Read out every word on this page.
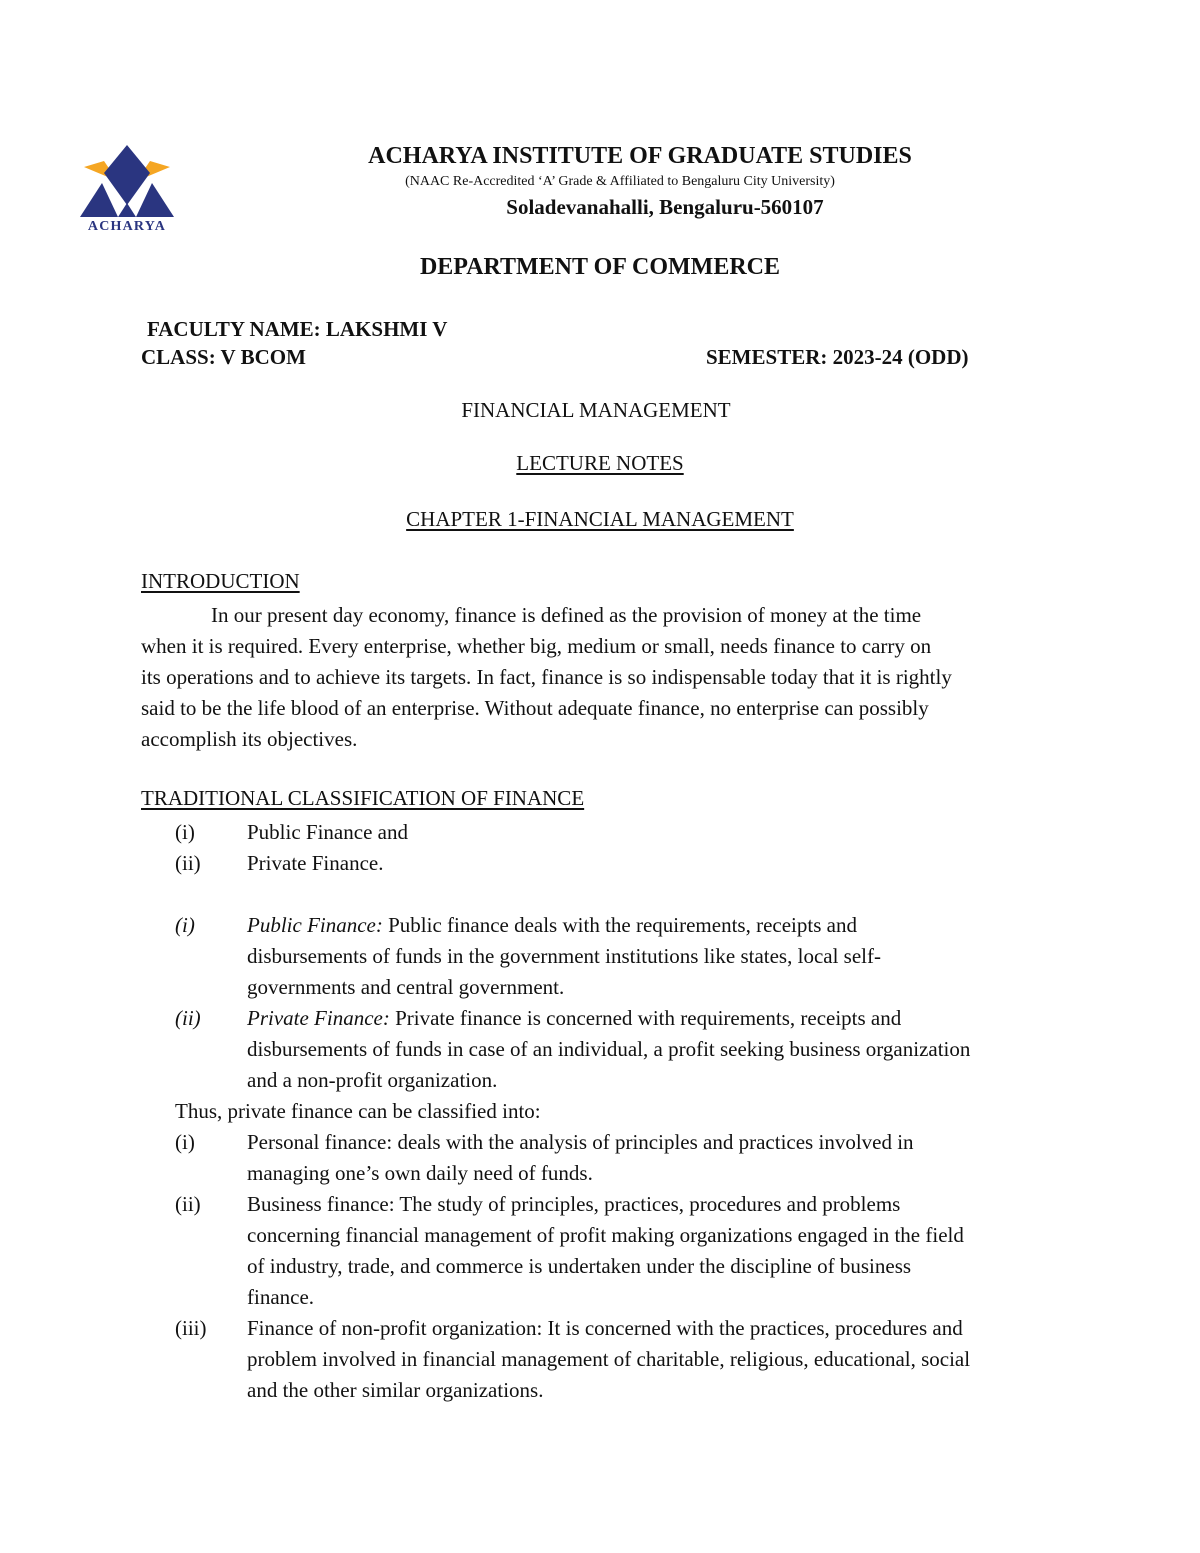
ACHARYA
ACHARYA INSTITUTE OF GRADUATE STUDIES
(NAAC Re-Accredited ‘A’ Grade & Affiliated to Bengaluru City University)
Soladevanahalli, Bengaluru-560107
DEPARTMENT OF COMMERCE
FACULTY NAME: LAKSHMI V
CLASS: V BCOM	SEMESTER: 2023-24 (ODD)
FINANCIAL MANAGEMENT
LECTURE NOTES
CHAPTER 1-FINANCIAL MANAGEMENT
INTRODUCTION
In our present day economy, finance is defined as the provision of money at the time
when it is required. Every enterprise, whether big, medium or small, needs finance to carry on
its operations and to achieve its targets. In fact, finance is so indispensable today that it is rightly
said to be the life blood of an enterprise. Without adequate finance, no enterprise can possibly
accomplish its objectives.
TRADITIONAL CLASSIFICATION OF FINANCE
(i) Public Finance and
(ii) Private Finance.
(i) Public Finance: Public finance deals with the requirements, receipts and
disbursements of funds in the government institutions like states, local self-
governments and central government.
(ii) Private Finance: Private finance is concerned with requirements, receipts and
disbursements of funds in case of an individual, a profit seeking business organization
and a non-profit organization.
Thus, private finance can be classified into:
(i) Personal finance: deals with the analysis of principles and practices involved in
managing one’s own daily need of funds.
(ii) Business finance: The study of principles, practices, procedures and problems
concerning financial management of profit making organizations engaged in the field
of industry, trade, and commerce is undertaken under the discipline of business
finance.
(iii) Finance of non-profit organization: It is concerned with the practices, procedures and
problem involved in financial management of charitable, religious, educational, social
and the other similar organizations.
